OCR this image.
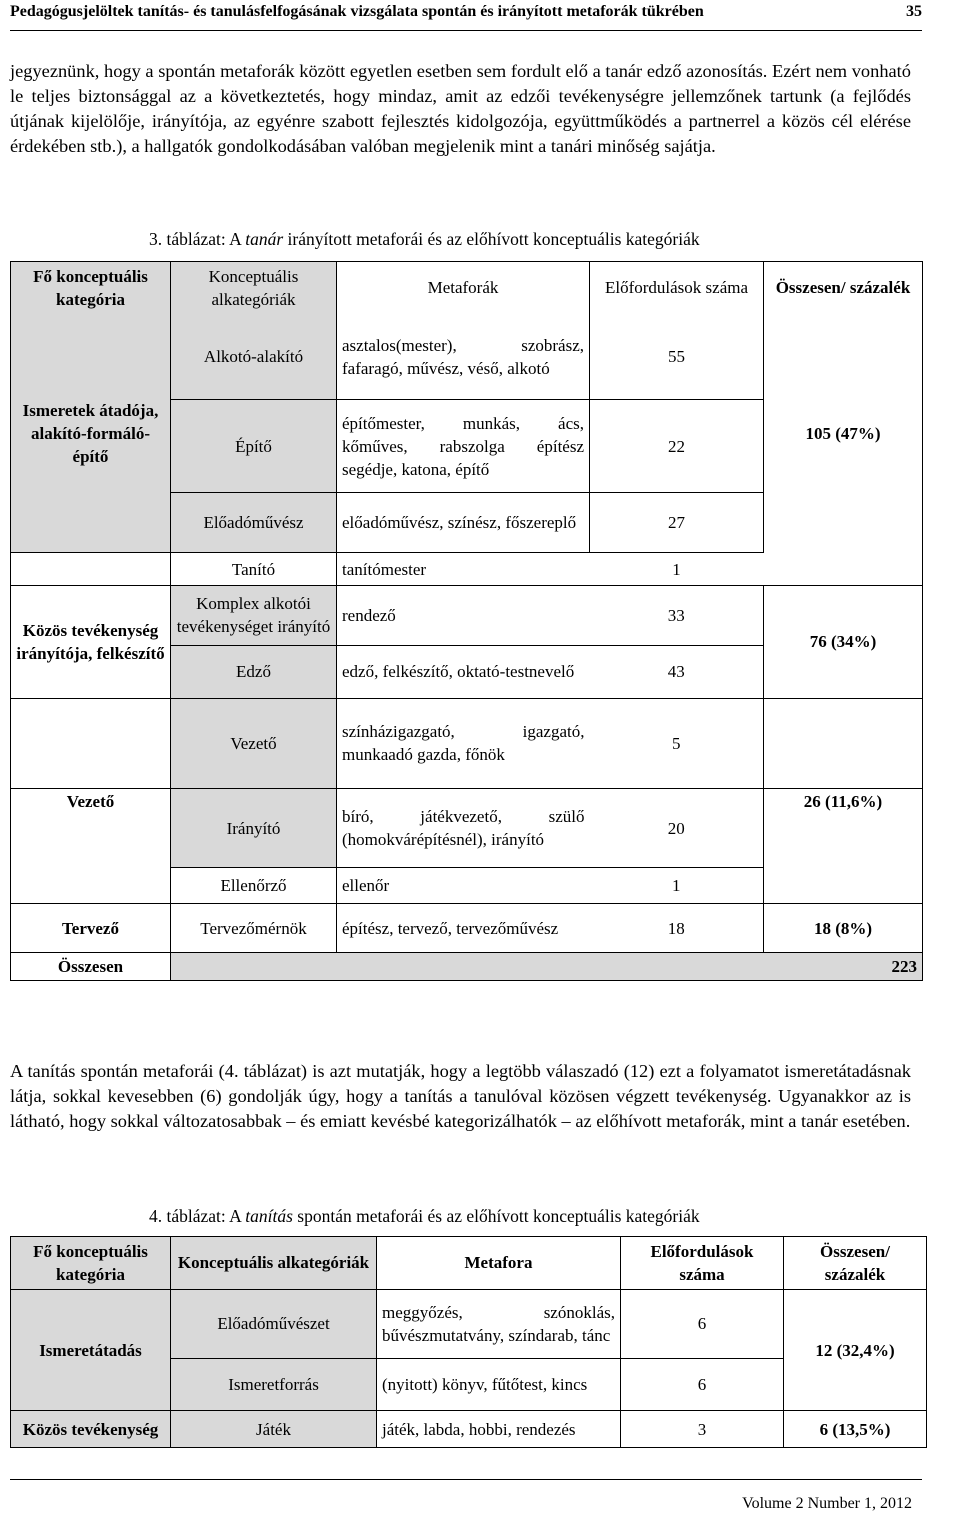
Pedagógusjelöltek tanítás- és tanulásfelfogásának vizsgálata spontán és irányított metaforák tükrében	35

jegyeznünk, hogy a spontán metaforák között egyetlen esetben sem fordult elő a tanár edző azonosítás. Ezért nem vonható le teljes biztonsággal az a következtetés, hogy mindaz, amit az edzői tevékenységre jellemzőnek tartunk (a fejlődés útjának kijelölője, irányítója, az egyénre szabott fejlesztés kidolgozója, együttműködés a partnerrel a közös cél elérése érdekében stb.), a hallgatók gondolkodásában valóban megjelenik mint a tanári minőség sajátja.

3. táblázat: A tanár irányított metaforái és az előhívott konceptuális kategóriák
Fő konceptuális kategória	Konceptuális alkategóriák	Metaforák	Előfordulások száma	Összesen/ százalék
Ismeretek átadója, alakító-formáló-építő	Alkotó-alakító	asztalos(mester), szobrász, fafaragó, művész, véső, alkotó	55	105 (47%)
	Építő	építőmester, munkás, ács, kőműves, rabszolga építész segédje, katona, építő	22	
	Előadóművész	előadóművész, színész, főszereplő	27	
	Tanító	tanítómester	1	
Közös tevékenység irányítója, felkészítő	Komplex alkotói tevékenységet irányító	rendező	33	76 (34%)
	Edző	edző, felkészítő, oktató-testnevelő	43	
	Vezető	színházigazgató, igazgató, munkaadó gazda, főnök	5	
Vezető	Irányító	bíró, játékvezető, szülő (homokvárépítésnél), irányító	20	26 (11,6%)
	Ellenőrző	ellenőr	1	
Tervező	Tervezőmérnök	építész, tervező, tervezőművész	18	18 (8%)
Összesen	223			

A tanítás spontán metaforái (4. táblázat) is azt mutatják, hogy a legtöbb válaszadó (12) ezt a folyamatot ismeretátadásnak látja, sokkal kevesebben (6) gondolják úgy, hogy a tanítás a tanulóval közösen végzett tevékenység. Ugyanakkor az is látható, hogy sokkal változatosabbak – és emiatt kevésbé kategorizálhatók – az előhívott metaforák, mint a tanár esetében.

4. táblázat: A tanítás spontán metaforái és az előhívott konceptuális kategóriák
Fő konceptuális kategória	Konceptuális alkategóriák	Metafora	Előfordulások száma	Összesen/ százalék
Ismeretátadás	Előadóművészet	meggyőzés, szónoklás, bűvészmutatvány, színdarab, tánc	6	12 (32,4%)
	Ismeretforrás	(nyitott) könyv, fűtőtest, kincs	6	
Közös tevékenység	Játék	játék, labda, hobbi, rendezés	3	6 (13,5%)
Volume 2 Number 1, 2012
